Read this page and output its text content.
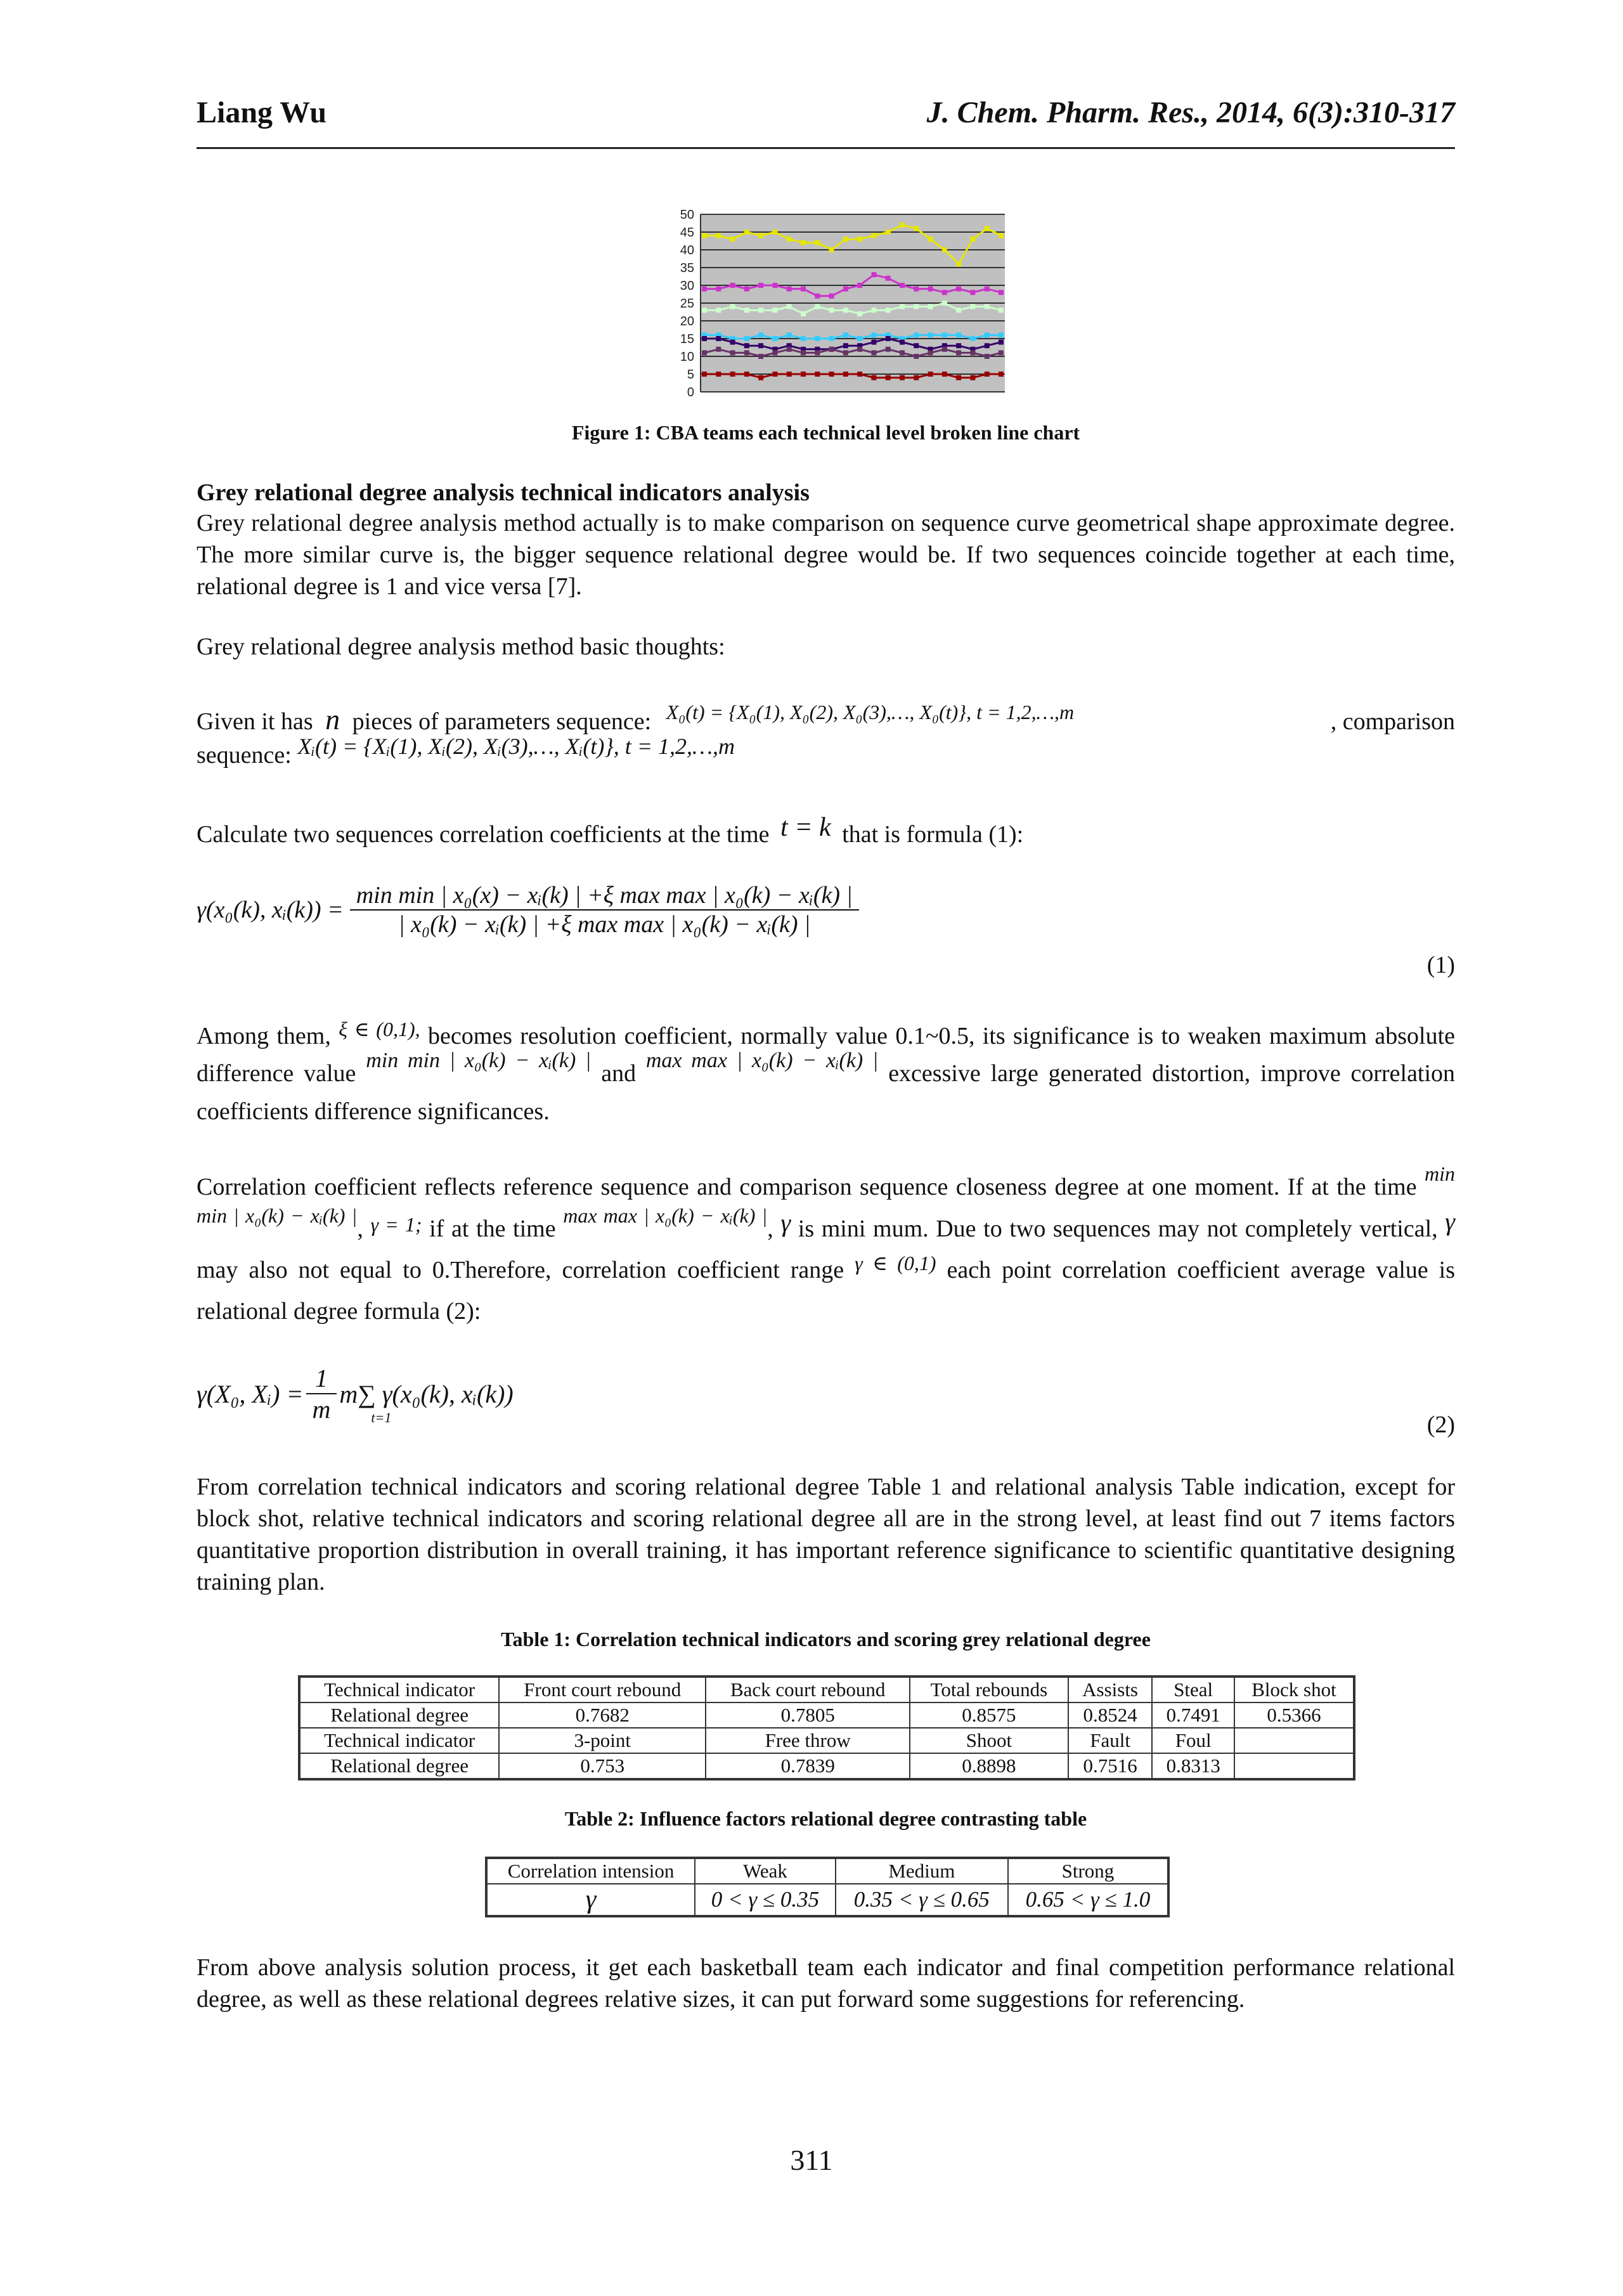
Liang Wu	J. Chem. Pharm. Res., 2014, 6(3):310-317
0
5
10
15
20
25
30
35
40
45
50
Figure 1: CBA teams each technical level broken line chart
Grey relational degree analysis technical indicators analysis

Grey relational degree analysis method actually is to make comparison on sequence curve geometrical shape approximate degree. The more similar curve is, the bigger sequence relational degree would be. If two sequences coincide together at each time, relational degree is 1 and vice versa [7].

Grey relational degree analysis method basic thoughts:

Given it has n pieces of parameters sequence: $^{X_0(t) = \{X_0(1), X_0(2), X_0(3),\dots, X_0(t)\}, t = 1,2,\dots,m}$	, comparison
sequence: Xᵢ(t) = {Xᵢ(1), Xᵢ(2), Xᵢ(3),…, Xᵢ(t)}, t = 1,2,…,m
Calculate two sequences correlation coefficients at the time t = k that is formula (1):
γ(x₀(k), xᵢ(k)) = $\frac{\text{min min | x₀(x) − xᵢ(k) | +ξ max max | x₀(k) − xᵢ(k) |}}{\text{| x₀(k) − xᵢ(k) | +ξ max max | x₀(k) − xᵢ(k) |}}$
(1)
Among them, $^{\xi \in (0,1),}$ becomes resolution coefficient, normally value 0.1~0.5, its significance is to weaken maximum absolute difference value min min | x₀(k) − xᵢ(k) | and max max | x₀(k) − xᵢ(k) | excessive large generated distortion, improve correlation coefficients difference significances.
Correlation coefficient reflects reference sequence and comparison sequence closeness degree at one moment. If at the time $^{min min | x_0(k) - xᵢ(k) |}$, $^{\gamma = 1;}$ if at the time $^{max max | x_0(k) - xᵢ(k) |}$, γ is mini mum. Due to two sequences may not completely vertical, γ may also not equal to 0.Therefore, correlation coefficient range $^{\gamma \in (0,1)}$ each point correlation coefficient average value is relational degree formula (2):
γ(X₀, Xᵢ) = $\frac{1}{m} m\sum$ γ(x₀(k), xᵢ(k))
t=1	(2)

From correlation technical indicators and scoring relational degree Table 1 and relational analysis Table indication, except for block shot, relative technical indicators and scoring relational degree all are in the strong level, at least find out 7 items factors quantitative proportion distribution in overall training, it has important reference significance to scientific quantitative designing training plan.

Table 1: Correlation technical indicators and scoring grey relational degree
Technical indicator	Front court rebound	Back court rebound	Total rebounds	Assists	Steal	Block shot
Relational degree	0.7682	0.7805	0.8575	0.8524	0.7491	0.5366
Technical indicator	3-point	Free throw	Shoot	Fault	Foul	
Relational degree	0.753	0.7839	0.8898	0.7516	0.8313	
Table 2: Influence factors relational degree contrasting table
Correlation intension	Weak	Medium	Strong
γ	0 < γ ≤ 0.35	0.35 < γ ≤ 0.65	0.65 < γ ≤ 1.0

From above analysis solution process, it get each basketball team each indicator and final competition performance relational degree, as well as these relational degrees relative sizes, it can put forward some suggestions for referencing.

311
